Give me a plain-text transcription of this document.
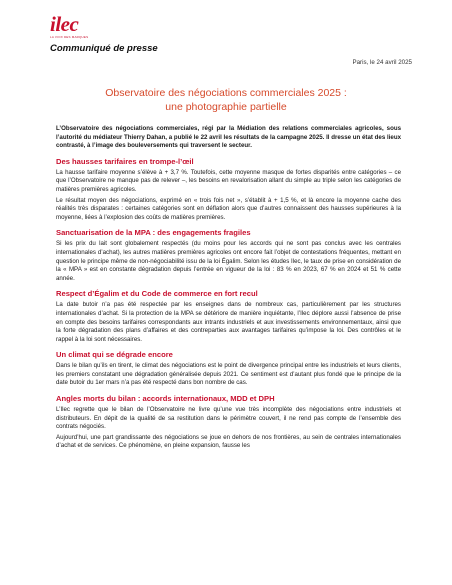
ilec
LA VOIX DES MARQUES
Communiqué de presse
Paris, le 24 avril 2025
Observatoire des négociations commerciales 2025 :
une photographie partielle

L’Observatoire des négociations commerciales, régi par la Médiation des relations commerciales agricoles, sous l’autorité du médiateur Thierry Dahan, a publié le 22 avril les résultats de la campagne 2025. Il dresse un état des lieux contrasté, à l’image des bouleversements qui traversent le secteur.

Des hausses tarifaires en trompe-l’œil

La hausse tarifaire moyenne s’élève à + 3,7 %. Toutefois, cette moyenne masque de fortes disparités entre catégories – ce que l’Observatoire ne manque pas de relever –, les besoins en revalorisation allant du simple au triple selon les catégories de matières premières agricoles.

Le résultat moyen des négociations, exprimé en « trois fois net », s’établit à + 1,5 %, et là encore la moyenne cache des réalités très disparates : certaines catégories sont en déflation alors que d’autres connaissent des hausses supérieures à la moyenne, liées à l’explosion des coûts de matières premières.

Sanctuarisation de la MPA : des engagements fragiles

Si les prix du lait sont globalement respectés (du moins pour les accords qui ne sont pas conclus avec les centrales internationales d’achat), les autres matières premières agricoles ont encore fait l’objet de contestations fréquentes, mettant en question le principe même de non-négociabilité issu de la loi Égalim. Selon les études Ilec, le taux de prise en considération de la « MPA » est en constante dégradation depuis l’entrée en vigueur de la loi : 83 % en 2023, 67 % en 2024 et 51 % cette année.

Respect d’Égalim et du Code de commerce en fort recul

La date butoir n’a pas été respectée par les enseignes dans de nombreux cas, particulièrement par les structures internationales d’achat. Si la protection de la MPA se détériore de manière inquiétante, l’Ilec déplore aussi l’absence de prise en compte des besoins tarifaires correspondants aux intrants industriels et aux investissements environnementaux, ainsi que la forte dégradation des plans d’affaires et des contreparties aux avantages tarifaires qu’impose la loi. Des contrôles et le rappel à la loi sont nécessaires.

Un climat qui se dégrade encore

Dans le bilan qu’ils en tirent, le climat des négociations est le point de divergence principal entre les industriels et leurs clients, les premiers constatant une dégradation généralisée depuis 2021. Ce sentiment est d’autant plus fondé que le principe de la date butoir du 1er mars n’a pas été respecté dans bon nombre de cas.

Angles morts du bilan : accords internationaux, MDD et DPH

L’Ilec regrette que le bilan de l’Observatoire ne livre qu’une vue très incomplète des négociations entre industriels et distributeurs. En dépit de la qualité de sa restitution dans le périmètre couvert, il ne rend pas compte de l’ensemble des contrats négociés.

Aujourd’hui, une part grandissante des négociations se joue en dehors de nos frontières, au sein de centrales internationales d’achat et de services. Ce phénomène, en pleine expansion, fausse les
